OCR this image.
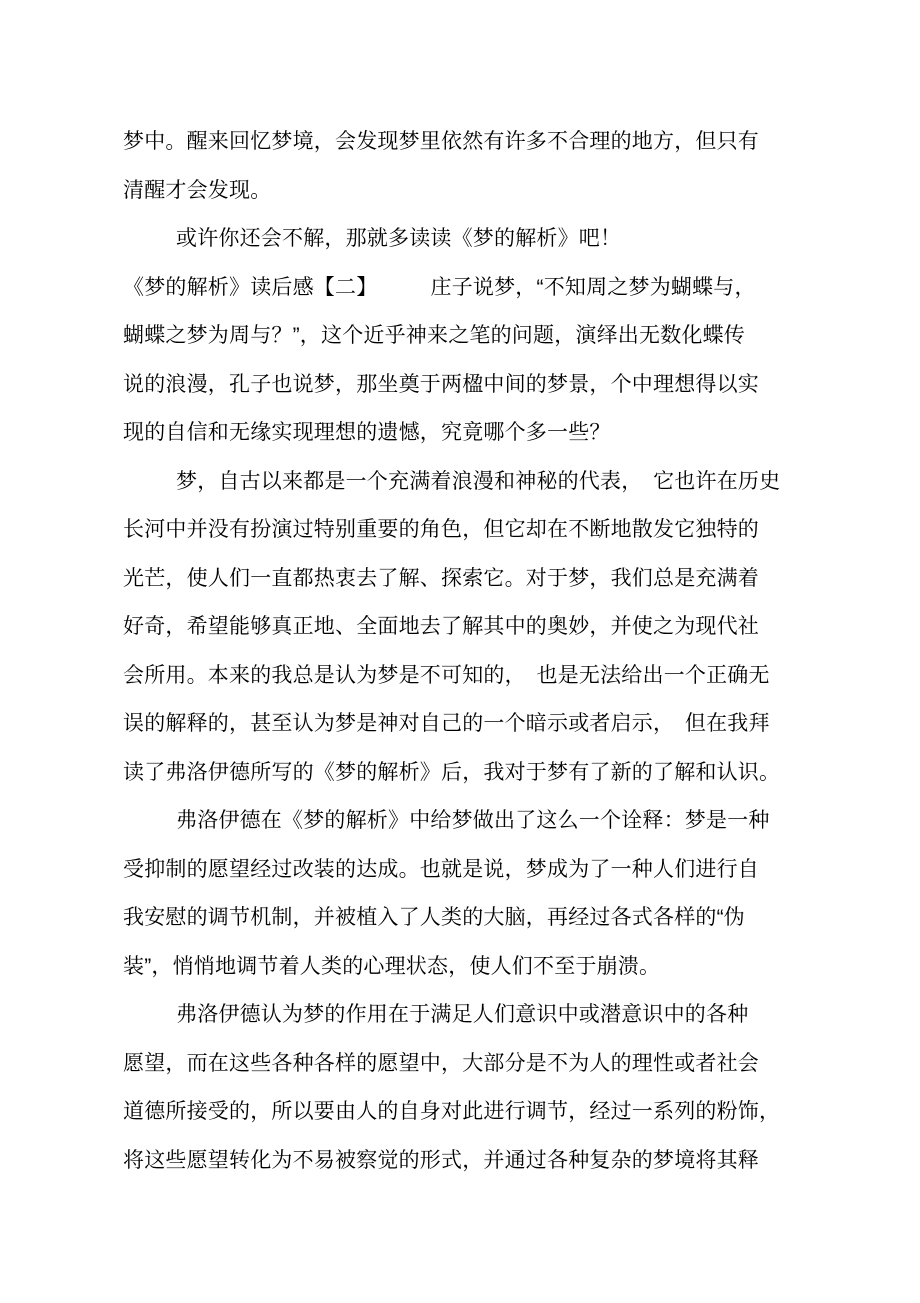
梦中。醒来回忆梦境，会发现梦里依然有许多不合理的地方，但只有
清醒才会发现。
或许你还会不解，那就多读读《梦的解析》吧！
《梦的解析》读后感【二】　　　庄子说梦，“不知周之梦为蝴蝶与，
蝴蝶之梦为周与？”，这个近乎神来之笔的问题，演绎出无数化蝶传
说的浪漫，孔子也说梦，那坐奠于两楹中间的梦景，个中理想得以实
现的自信和无缘实现理想的遗憾，究竟哪个多一些？
梦，自古以来都是一个充满着浪漫和神秘的代表，　它也许在历史
长河中并没有扮演过特别重要的角色，但它却在不断地散发它独特的
光芒，使人们一直都热衷去了解、探索它。对于梦，我们总是充满着
好奇，希望能够真正地、全面地去了解其中的奥妙，并使之为现代社
会所用。本来的我总是认为梦是不可知的，　也是无法给出一个正确无
误的解释的，甚至认为梦是神对自己的一个暗示或者启示，　但在我拜
读了弗洛伊德所写的《梦的解析》后，我对于梦有了新的了解和认识。
弗洛伊德在《梦的解析》中给梦做出了这么一个诠释：梦是一种
受抑制的愿望经过改装的达成。也就是说，梦成为了一种人们进行自
我安慰的调节机制，并被植入了人类的大脑，再经过各式各样的“伪
装”，悄悄地调节着人类的心理状态，使人们不至于崩溃。
弗洛伊德认为梦的作用在于满足人们意识中或潜意识中的各种
愿望，而在这些各种各样的愿望中，大部分是不为人的理性或者社会
道德所接受的，所以要由人的自身对此进行调节，经过一系列的粉饰，
将这些愿望转化为不易被察觉的形式，并通过各种复杂的梦境将其释
